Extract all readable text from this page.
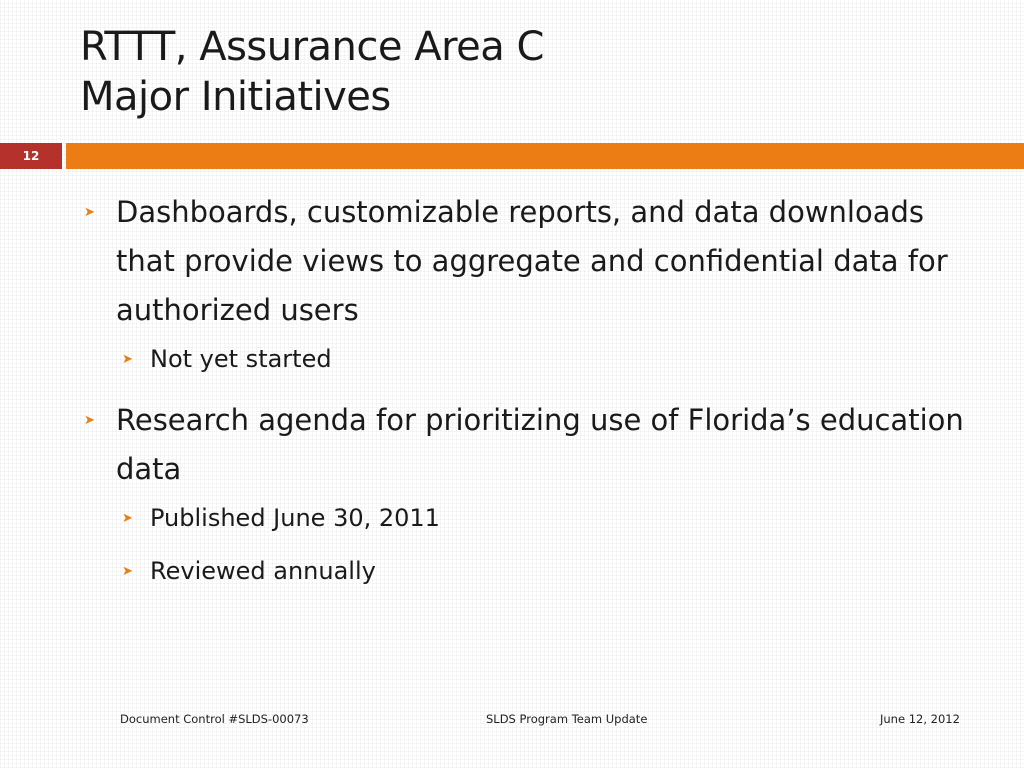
RTTT, Assurance Area C
Major Initiatives
12
➤ Dashboards, customizable reports, and data downloads that provide views to aggregate and confidential data for authorized users
➤ Not yet started
➤ Research agenda for prioritizing use of Florida’s education data
➤ Published June 30, 2011
➤ Reviewed annually
Document Control #SLDS-00073	SLDS Program Team Update	June 12, 2012
